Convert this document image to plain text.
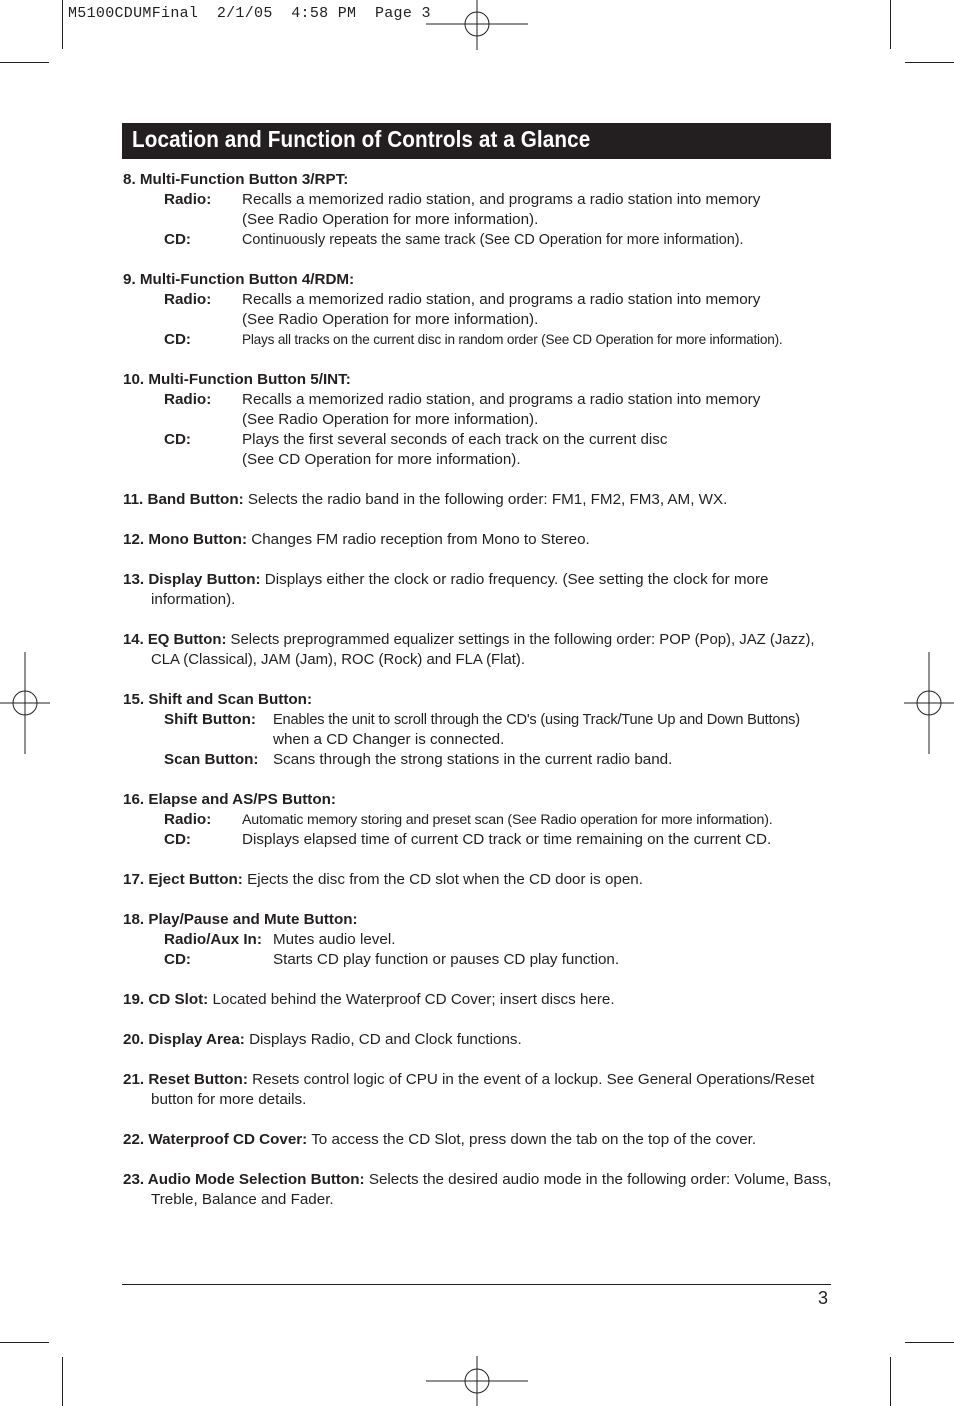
M5100CDUMFinal  2/1/05  4:58 PM  Page 3
Location and Function of Controls at a Glance
8. Multi-Function Button 3/RPT:
Radio:	Recalls a memorized radio station, and programs a radio station into memory
(See Radio Operation for more information).
CD:	Continuously repeats the same track (See CD Operation for more information).
9. Multi-Function Button 4/RDM:
Radio:	Recalls a memorized radio station, and programs a radio station into memory
(See Radio Operation for more information).
CD:	Plays all tracks on the current disc in random order (See CD Operation for more information).
10. Multi-Function Button 5/INT:
Radio:	Recalls a memorized radio station, and programs a radio station into memory
(See Radio Operation for more information).
CD:	Plays the first several seconds of each track on the current disc
(See CD Operation for more information).
11. Band Button: Selects the radio band in the following order: FM1, FM2, FM3, AM, WX.
12. Mono Button: Changes FM radio reception from Mono to Stereo.
13. Display Button: Displays either the clock or radio frequency. (See setting the clock for more information).
14. EQ Button: Selects preprogrammed equalizer settings in the following order: POP (Pop), JAZ (Jazz), CLA (Classical), JAM (Jam), ROC (Rock) and FLA (Flat).
15. Shift and Scan Button:
Shift Button:	Enables the unit to scroll through the CD's (using Track/Tune Up and Down Buttons)
when a CD Changer is connected.
Scan Button: Scans through the strong stations in the current radio band.
16. Elapse and AS/PS Button:
Radio:	Automatic memory storing and preset scan (See Radio operation for more information).
CD:	Displays elapsed time of current CD track or time remaining on the current CD.
17. Eject Button: Ejects the disc from the CD slot when the CD door is open.
18. Play/Pause and Mute Button:
Radio/Aux In: Mutes audio level.
CD:	Starts CD play function or pauses CD play function.
19. CD Slot: Located behind the Waterproof CD Cover; insert discs here.
20. Display Area: Displays Radio, CD and Clock functions.
21. Reset Button: Resets control logic of CPU in the event of a lockup. See General Operations/Reset button for more details.
22. Waterproof CD Cover: To access the CD Slot, press down the tab on the top of the cover.
23. Audio Mode Selection Button: Selects the desired audio mode in the following order: Volume, Bass, Treble, Balance and Fader.
3
